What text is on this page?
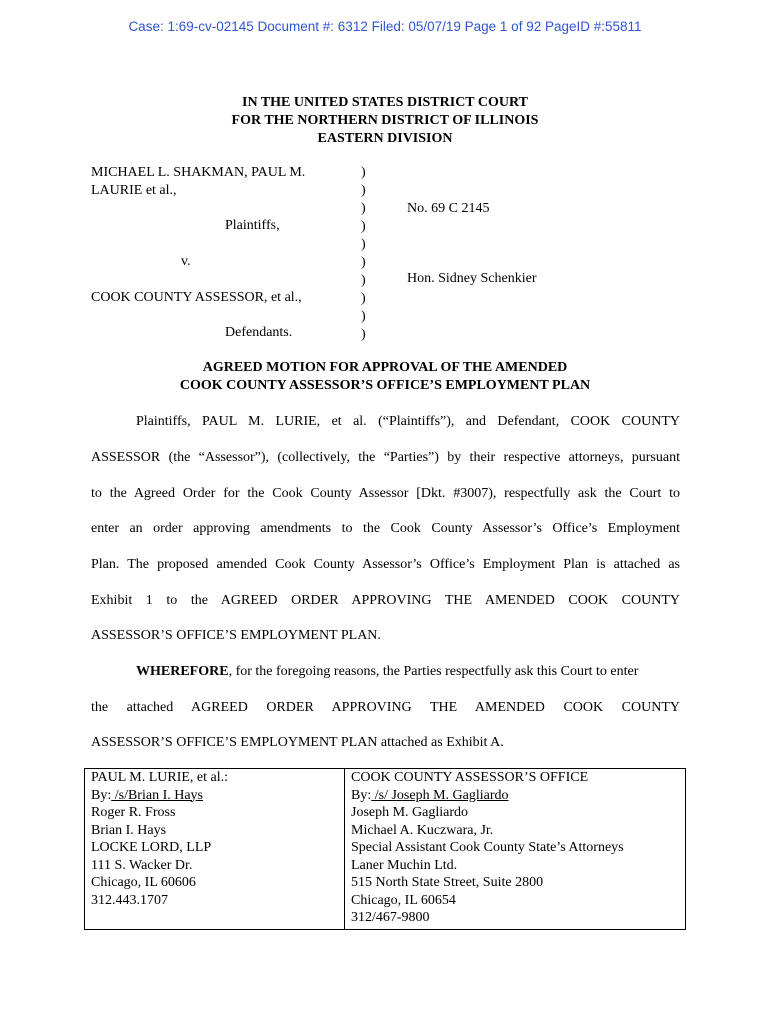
Case: 1:69-cv-02145 Document #: 6312 Filed: 05/07/19 Page 1 of 92 PageID #:55811
IN THE UNITED STATES DISTRICT COURT
FOR THE NORTHERN DISTRICT OF ILLINOIS
EASTERN DIVISION
MICHAEL L. SHAKMAN, PAUL M.
LAURIE et al.,
Plaintiffs,
v.
COOK COUNTY ASSESSOR, et al.,
Defendants.
)
)
)
)
)
)
)
)
)
)
No. 69 C 2145
Hon. Sidney Schenkier
AGREED MOTION FOR APPROVAL OF THE AMENDED
COOK COUNTY ASSESSOR’S OFFICE’S EMPLOYMENT PLAN
Plaintiffs, PAUL M. LURIE, et al. (“Plaintiffs”), and Defendant, COOK COUNTY
ASSESSOR (the “Assessor”), (collectively, the “Parties”) by their respective attorneys, pursuant
to the Agreed Order for the Cook County Assessor [Dkt. #3007), respectfully ask the Court to
enter an order approving amendments to the Cook County Assessor’s Office’s Employment
Plan. The proposed amended Cook County Assessor’s Office’s Employment Plan is attached as
Exhibit 1 to the AGREED ORDER APPROVING THE AMENDED COOK COUNTY
ASSESSOR’S OFFICE’S EMPLOYMENT PLAN.
WHEREFORE, for the foregoing reasons, the Parties respectfully ask this Court to enter
the attached AGREED ORDER APPROVING THE AMENDED COOK COUNTY
ASSESSOR’S OFFICE’S EMPLOYMENT PLAN attached as Exhibit A.
PAUL M. LURIE, et al.:
By: /s/Brian I. Hays
Roger R. Fross
Brian I. Hays
LOCKE LORD, LLP
111 S. Wacker Dr.
Chicago, IL 60606
312.443.1707
COOK COUNTY ASSESSOR’S OFFICE
By: /s/ Joseph M. Gagliardo
Joseph M. Gagliardo
Michael A. Kuczwara, Jr.
Special Assistant Cook County State’s Attorneys
Laner Muchin Ltd.
515 North State Street, Suite 2800
Chicago, IL 60654
312/467-9800
